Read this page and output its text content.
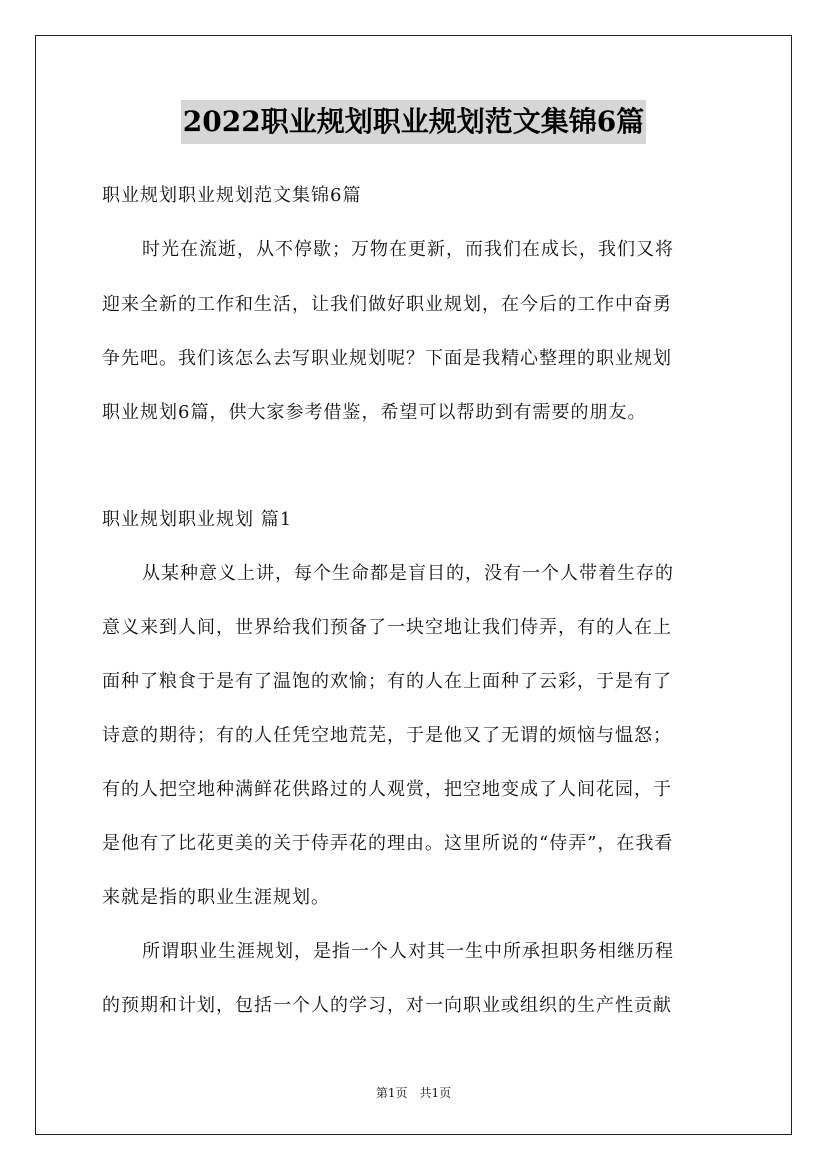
2022职业规划职业规划范文集锦6篇
职业规划职业规划范文集锦6篇
时光在流逝，从不停歇；万物在更新，而我们在成长，我们又将
迎来全新的工作和生活，让我们做好职业规划，在今后的工作中奋勇
争先吧。我们该怎么去写职业规划呢？下面是我精心整理的职业规划
职业规划6篇，供大家参考借鉴，希望可以帮助到有需要的朋友。
职业规划职业规划 篇1
从某种意义上讲，每个生命都是盲目的，没有一个人带着生存的
意义来到人间，世界给我们预备了一块空地让我们侍弄，有的人在上
面种了粮食于是有了温饱的欢愉；有的人在上面种了云彩，于是有了
诗意的期待；有的人任凭空地荒芜，于是他又了无谓的烦恼与愠怒；
有的人把空地种满鲜花供路过的人观赏，把空地变成了人间花园，于
是他有了比花更美的关于侍弄花的理由。这里所说的“侍弄”，在我看
来就是指的职业生涯规划。
所谓职业生涯规划，是指一个人对其一生中所承担职务相继历程
的预期和计划，包括一个人的学习，对一向职业或组织的生产性贡献
第1页　共1页
